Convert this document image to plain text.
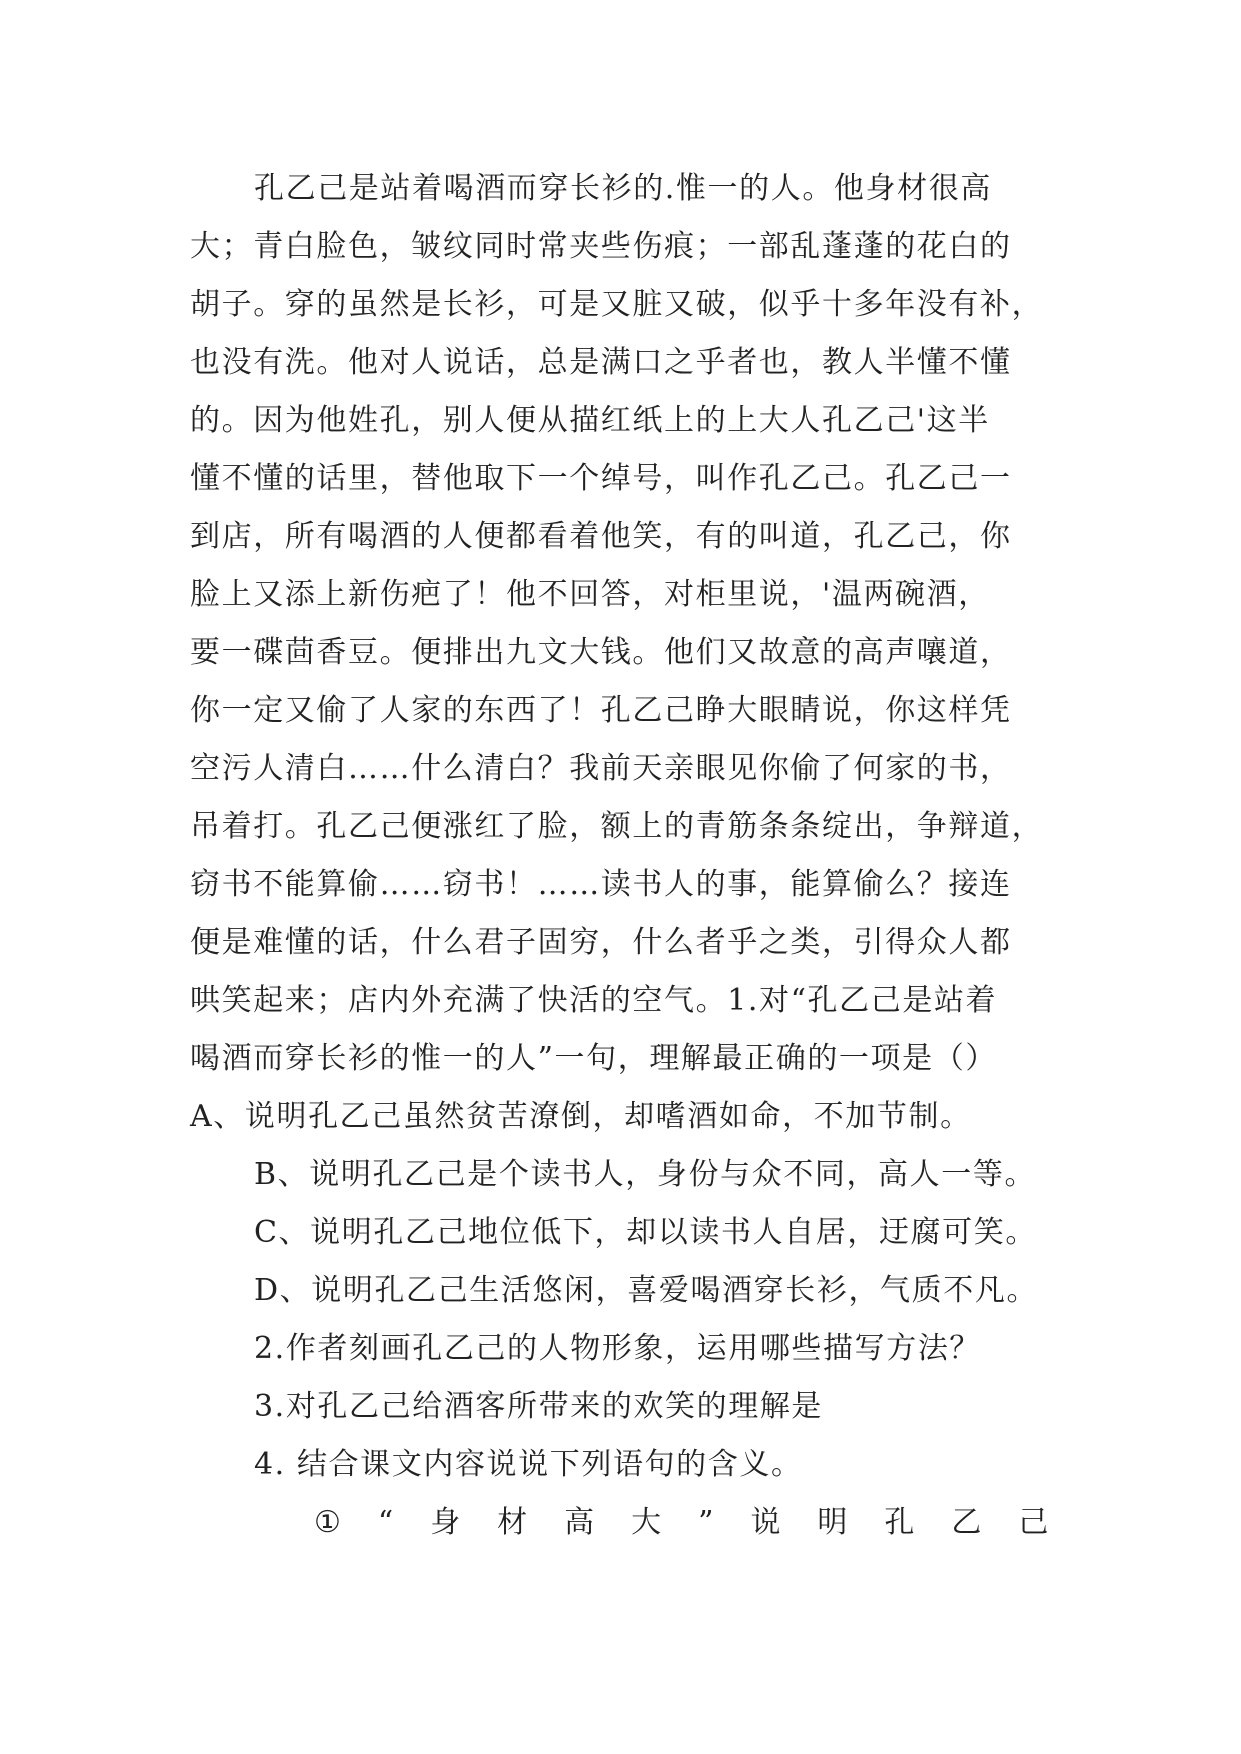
孔乙己是站着喝酒而穿长衫的.惟一的人。他身材很高
大；青白脸色，皱纹同时常夹些伤痕；一部乱蓬蓬的花白的
胡子。穿的虽然是长衫，可是又脏又破，似乎十多年没有补，
也没有洗。他对人说话，总是满口之乎者也，教人半懂不懂
的。因为他姓孔，别人便从描红纸上的上大人孔乙己'这半
懂不懂的话里，替他取下一个绰号，叫作孔乙己。孔乙己一
到店，所有喝酒的人便都看着他笑，有的叫道，孔乙己，你
脸上又添上新伤疤了！他不回答，对柜里说，'温两碗酒，
要一碟茴香豆。便排出九文大钱。他们又故意的高声嚷道，
你一定又偷了人家的东西了！孔乙己睁大眼睛说，你这样凭
空污人清白……什么清白？我前天亲眼见你偷了何家的书，
吊着打。孔乙己便涨红了脸，额上的青筋条条绽出，争辩道，
窃书不能算偷……窃书！……读书人的事，能算偷么？接连
便是难懂的话，什么君子固穷，什么者乎之类，引得众人都
哄笑起来；店内外充满了快活的空气。1.对“孔乙己是站着
喝酒而穿长衫的惟一的人”一句，理解最正确的一项是（）
A、说明孔乙己虽然贫苦潦倒，却嗜酒如命，不加节制。
B、说明孔乙己是个读书人，身份与众不同，高人一等。
C、说明孔乙己地位低下，却以读书人自居，迂腐可笑。
D、说明孔乙己生活悠闲，喜爱喝酒穿长衫，气质不凡。
2.作者刻画孔乙己的人物形象，运用哪些描写方法？
3.对孔乙己给酒客所带来的欢笑的理解是
4. 结合课文内容说说下列语句的含义。
① “ 身 材 高 大 ” 说 明 孔 乙 己
